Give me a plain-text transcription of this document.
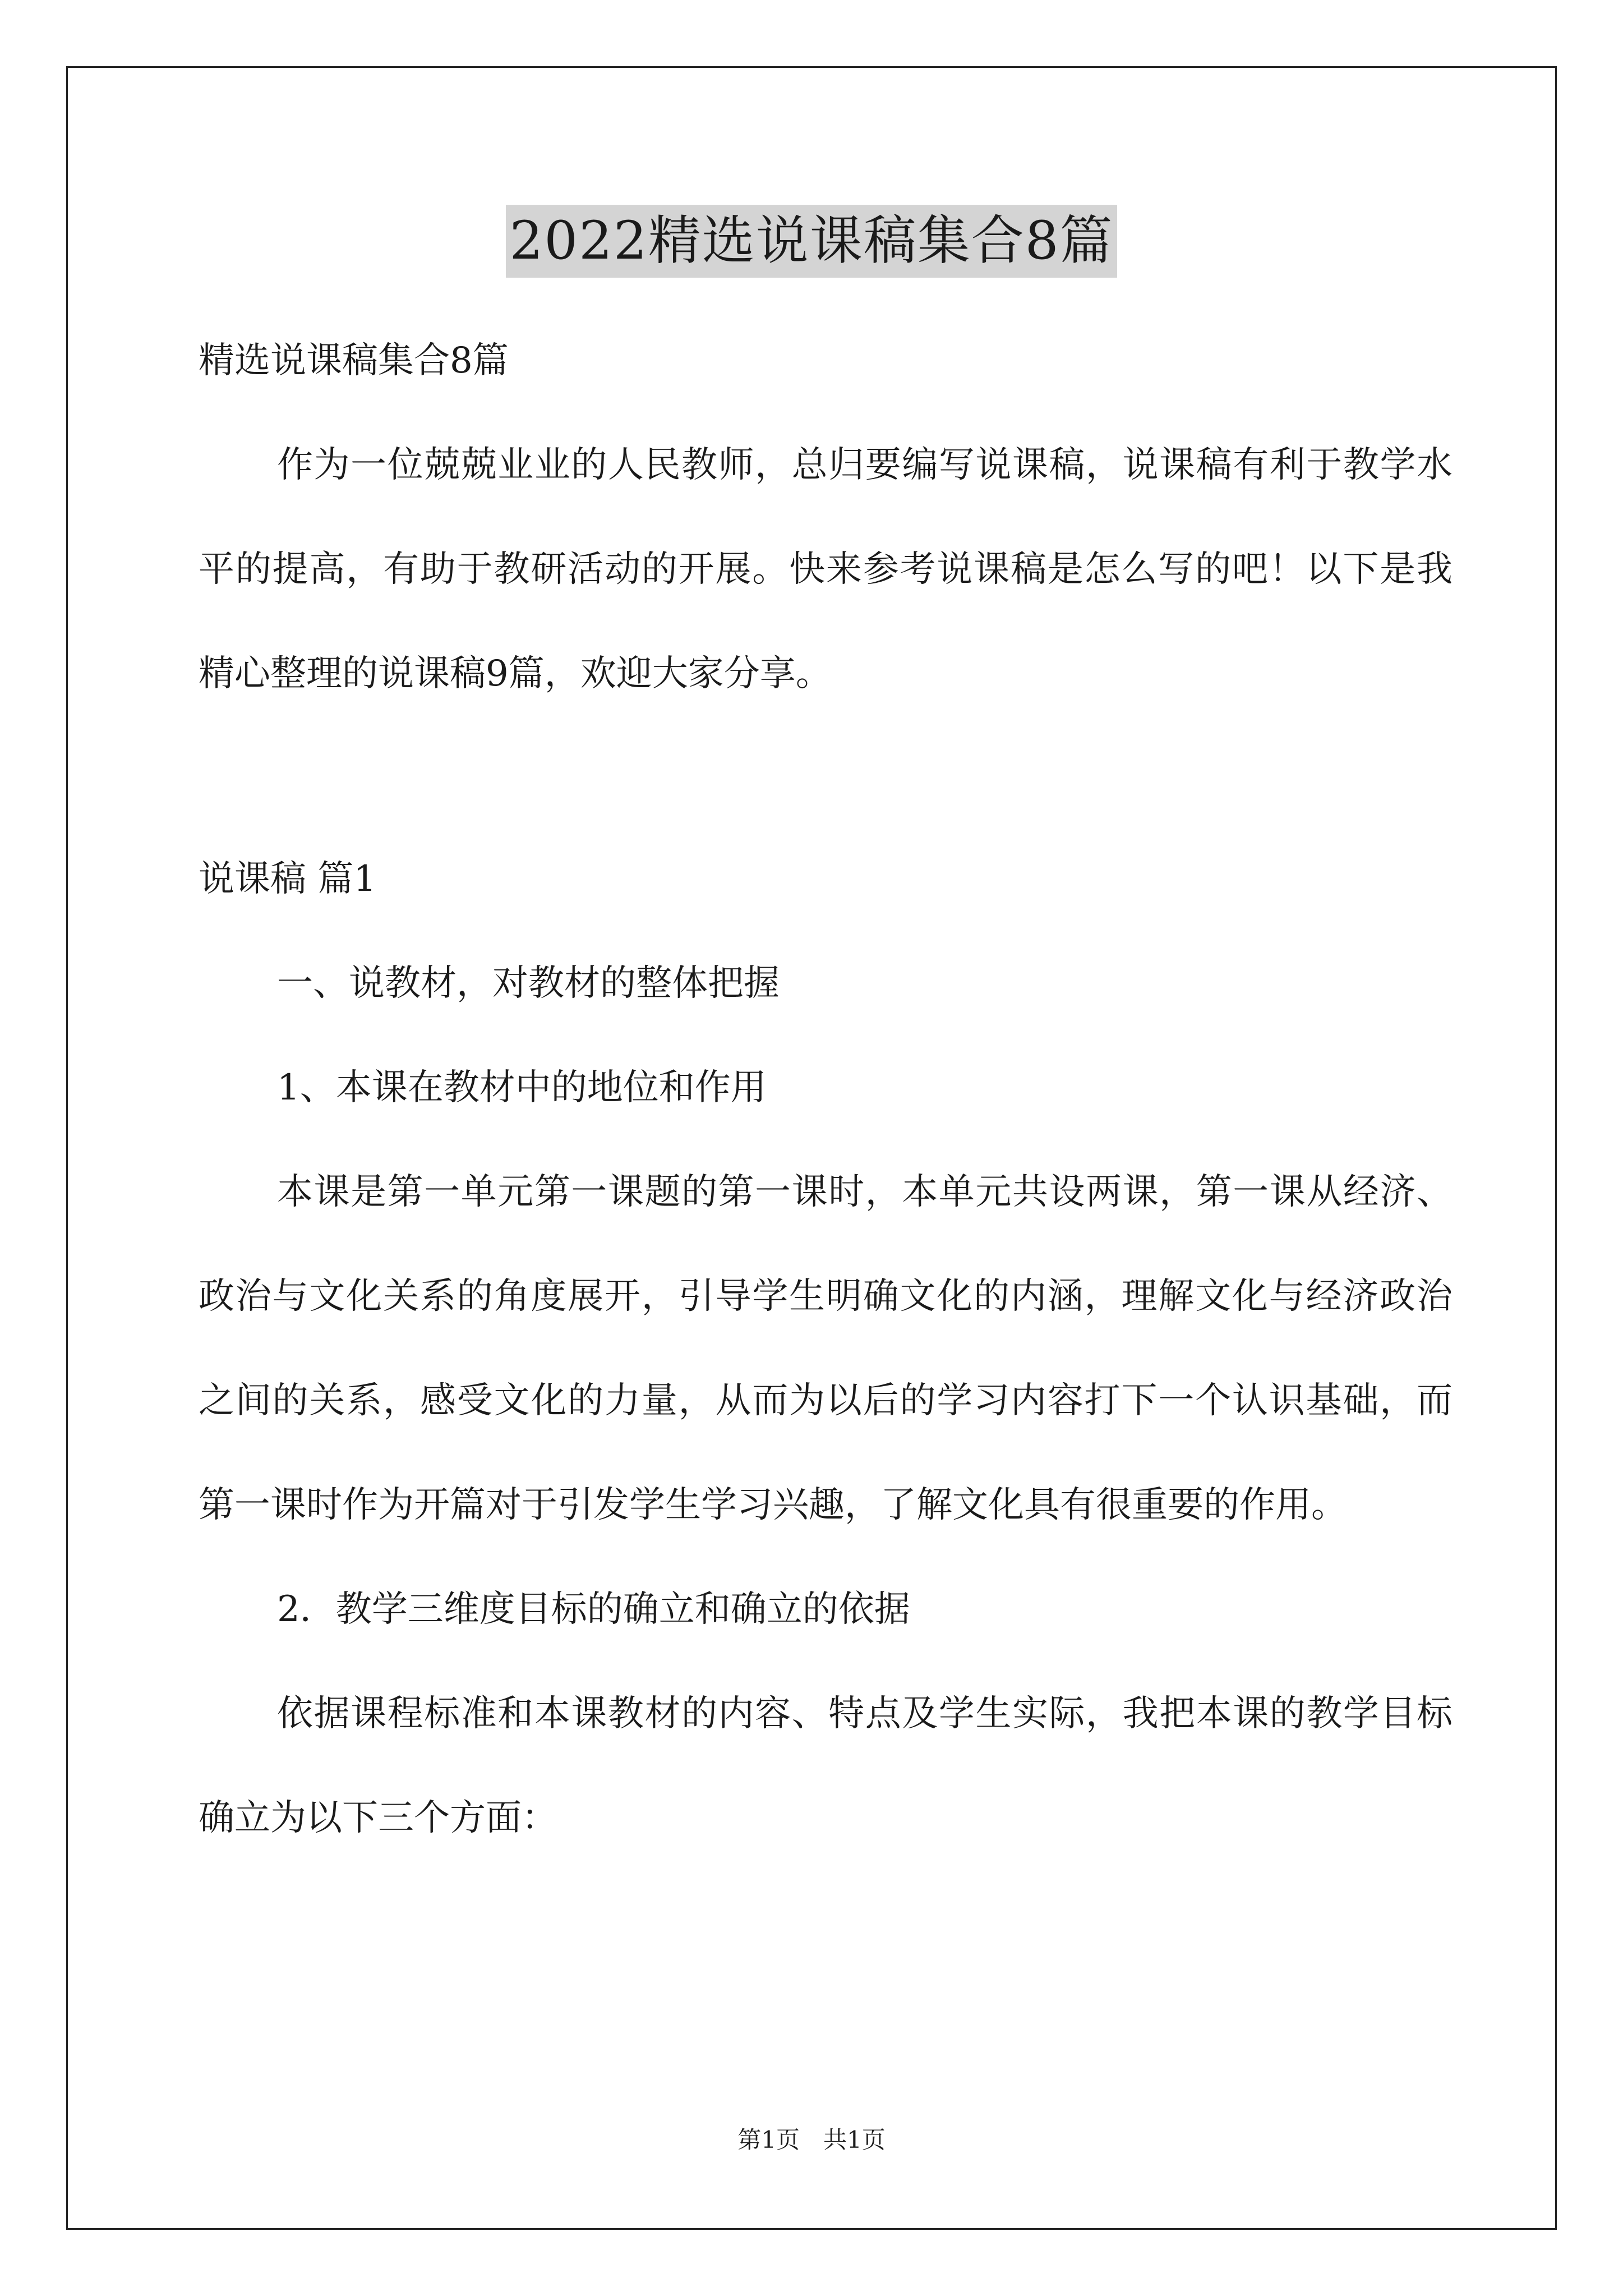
2022精选说课稿集合8篇

精选说课稿集合8篇

作为一位兢兢业业的人民教师，总归要编写说课稿，说课稿有利于教学水平的提高，有助于教研活动的开展。快来参考说课稿是怎么写的吧！以下是我精心整理的说课稿9篇，欢迎大家分享。

说课稿 篇1

一、说教材，对教材的整体把握

1、本课在教材中的地位和作用

本课是第一单元第一课题的第一课时，本单元共设两课，第一课从经济、政治与文化关系的角度展开，引导学生明确文化的内涵，理解文化与经济政治之间的关系，感受文化的力量，从而为以后的学习内容打下一个认识基础，而第一课时作为开篇对于引发学生学习兴趣，了解文化具有很重要的作用。

2．教学三维度目标的确立和确立的依据

依据课程标准和本课教材的内容、特点及学生实际，我把本课的教学目标确立为以下三个方面：

第1页　共1页
